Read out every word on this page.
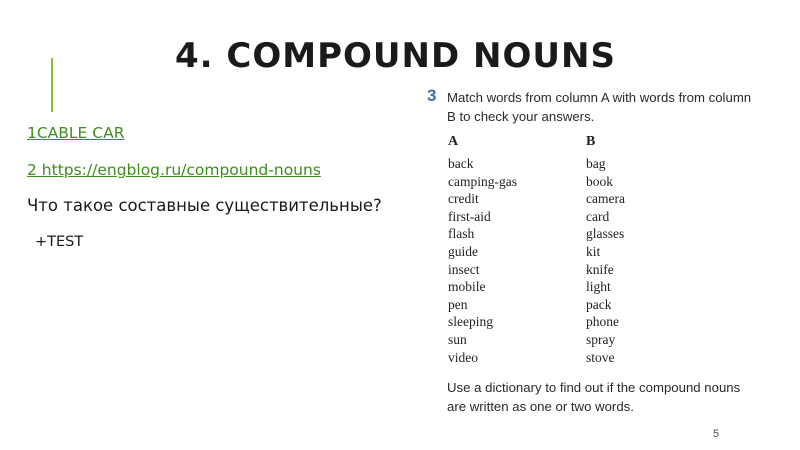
4. COMPOUND NOUNS
1CABLE CAR
2 https://engblog.ru/compound-nouns
Что такое составные существительные?
+TEST
3 Match words from column A with words from column B to check your answers.
A	B
back
camping-gas
credit
first-aid
flash
guide
insect
mobile
pen
sleeping
sun
video
bag
book
camera
card
glasses
kit
knife
light
pack
phone
spray
stove
Use a dictionary to find out if the compound nouns are written as one or two words.
5
